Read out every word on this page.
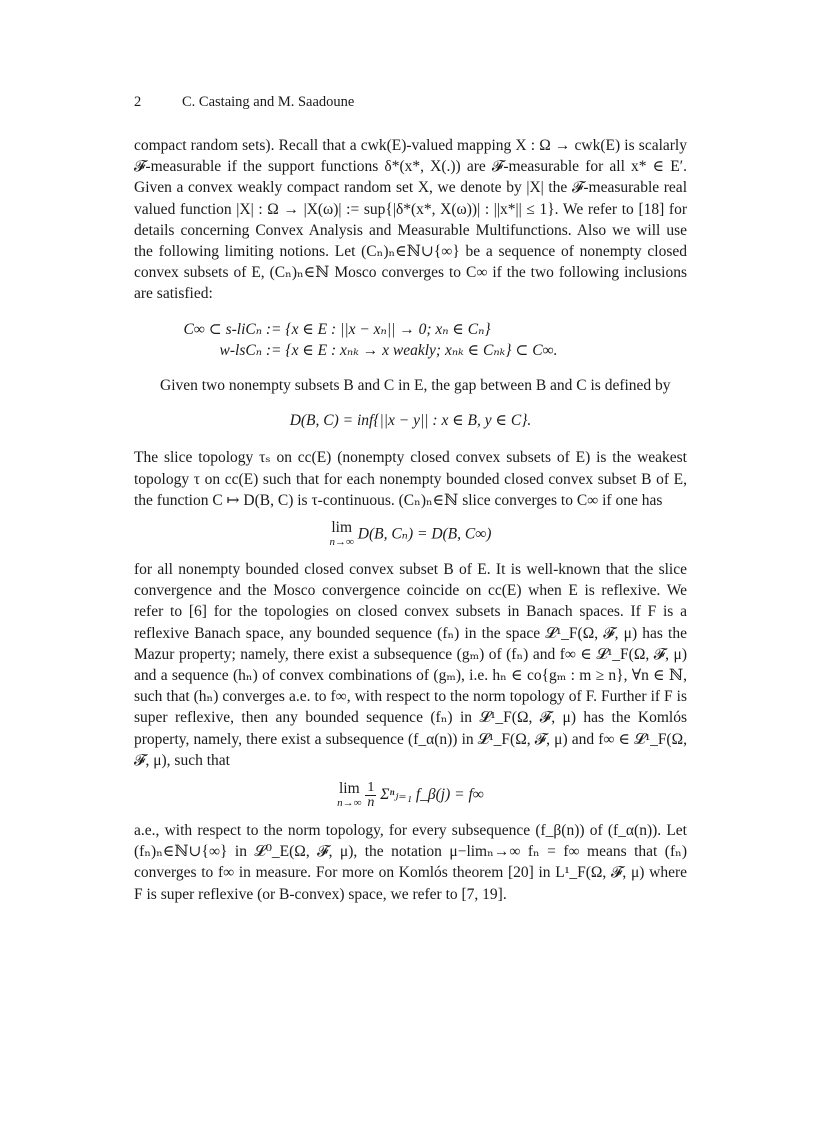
2	C. Castaing and M. Saadoune

compact random sets). Recall that a cwk(E)-valued mapping X : Ω → cwk(E) is scalarly 𝓕-measurable if the support functions δ*(x*, X(.)) are 𝓕-measurable for all x* ∈ E′. Given a convex weakly compact random set X, we denote by |X| the 𝓕-measurable real valued function |X| : Ω → |X(ω)| := sup{|δ*(x*, X(ω))| : ||x*|| ≤ 1}. We refer to [18] for details concerning Convex Analysis and Measurable Multifunctions. Also we will use the following limiting notions. Let (Cₙ)ₙ∈ℕ∪{∞} be a sequence of nonempty closed convex subsets of E, (Cₙ)ₙ∈ℕ Mosco converges to C∞ if the two following inclusions are satisfied:

C∞ ⊂ s-liCₙ := {x ∈ E : ||x − xₙ|| → 0; xₙ ∈ Cₙ}

w-lsCₙ := {x ∈ E : xₙₖ → x weakly; xₙₖ ∈ Cₙₖ} ⊂ C∞.

Given two nonempty subsets B and C in E, the gap between B and C is defined by

D(B, C) = inf{||x − y|| : x ∈ B, y ∈ C}.

The slice topology τₛ on cc(E) (nonempty closed convex subsets of E) is the weakest topology τ on cc(E) such that for each nonempty bounded closed convex subset B of E, the function C ↦ D(B, C) is τ-continuous. (Cₙ)ₙ∈ℕ slice converges to C∞ if one has

lim
n→∞ D(B, Cₙ) = D(B, C∞)

for all nonempty bounded closed convex subset B of E. It is well-known that the slice convergence and the Mosco convergence coincide on cc(E) when E is reflexive. We refer to [6] for the topologies on closed convex subsets in Banach spaces. If F is a reflexive Banach space, any bounded sequence (fₙ) in the space 𝓛¹_F(Ω, 𝓕, μ) has the Mazur property; namely, there exist a subsequence (gₘ) of (fₙ) and f∞ ∈ 𝓛¹_F(Ω, 𝓕, μ) and a sequence (hₙ) of convex combinations of (gₘ), i.e. hₙ ∈ co{gₘ : m ≥ n}, ∀n ∈ ℕ, such that (hₙ) converges a.e. to f∞, with respect to the norm topology of F. Further if F is super reflexive, then any bounded sequence (fₙ) in 𝓛¹_F(Ω, 𝓕, μ) has the Komlós property, namely, there exist a subsequence (f_α(n)) in 𝓛¹_F(Ω, 𝓕, μ) and f∞ ∈ 𝓛¹_F(Ω, 𝓕, μ), such that

lim
n→∞
$\frac{1}{n}$ Σⁿⱼ₌₁ f_β(j) = f∞

a.e., with respect to the norm topology, for every subsequence (f_β(n)) of (f_α(n)). Let (fₙ)ₙ∈ℕ∪{∞} in 𝓛⁰_E(Ω, 𝓕, μ), the notation μ−limₙ→∞ fₙ = f∞ means that (fₙ) converges to f∞ in measure. For more on Komlós theorem [20] in L¹_F(Ω, 𝓕, μ) where F is super reflexive (or B-convex) space, we refer to [7, 19].
